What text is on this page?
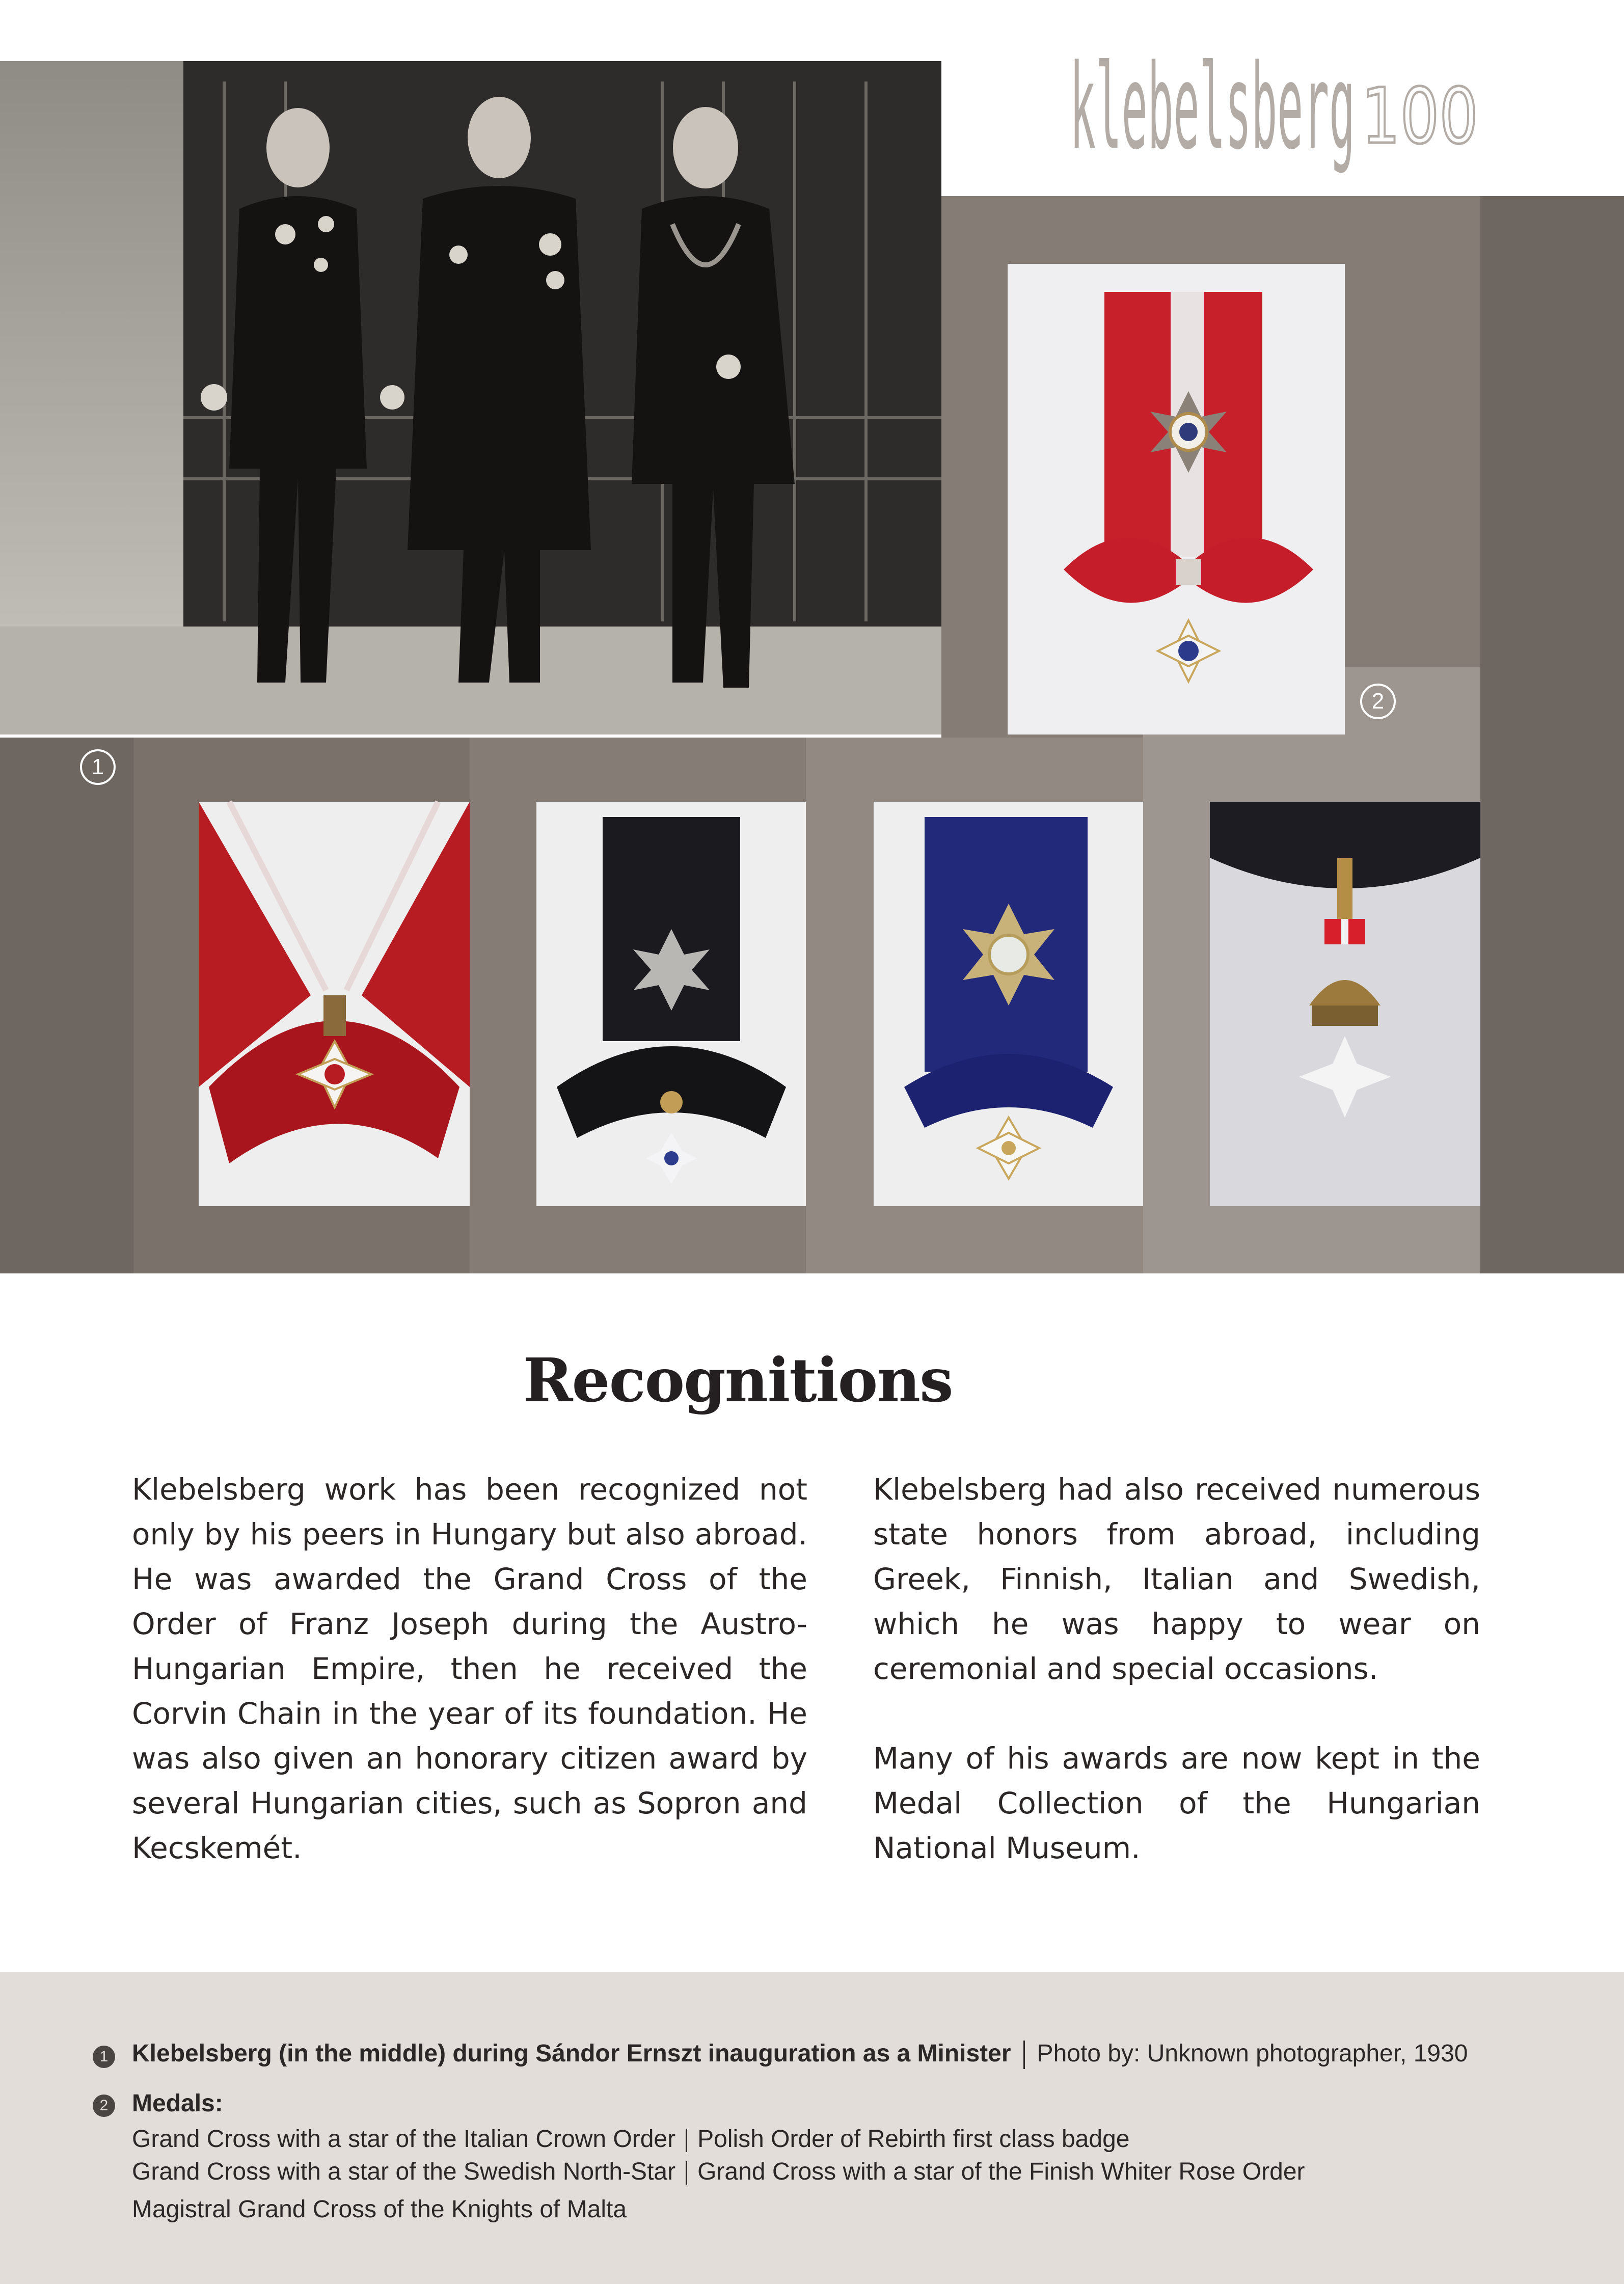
klebelsberg 100
1
2
Recognitions

Klebelsberg work has been recognized not only by his peers in Hungary but also abroad. He was awarded the Grand Cross of the Order of Franz Joseph during the Austro-Hungarian Empire, then he received the Corvin Chain in the year of its foundation. He was also given an honorary citizen award by several Hungarian cities, such as Sopron and Kecskemét.

Klebelsberg had also received numerous state honors from abroad, including Greek, Finnish, Italian and Swedish, which he was happy to wear on ceremonial and special occasions.

Many of his awards are now kept in the Medal Collection of the Hungarian National Museum.

1 Klebelsberg (in the middle) during Sándor Ernszt inauguration as a Minister Photo by: Unknown photographer, 1930
2 Medals:
Grand Cross with a star of the Italian Crown Order Polish Order of Rebirth first class badge
Grand Cross with a star of the Swedish North-Star Grand Cross with a star of the Finish Whiter Rose Order
Magistral Grand Cross of the Knights of Malta
